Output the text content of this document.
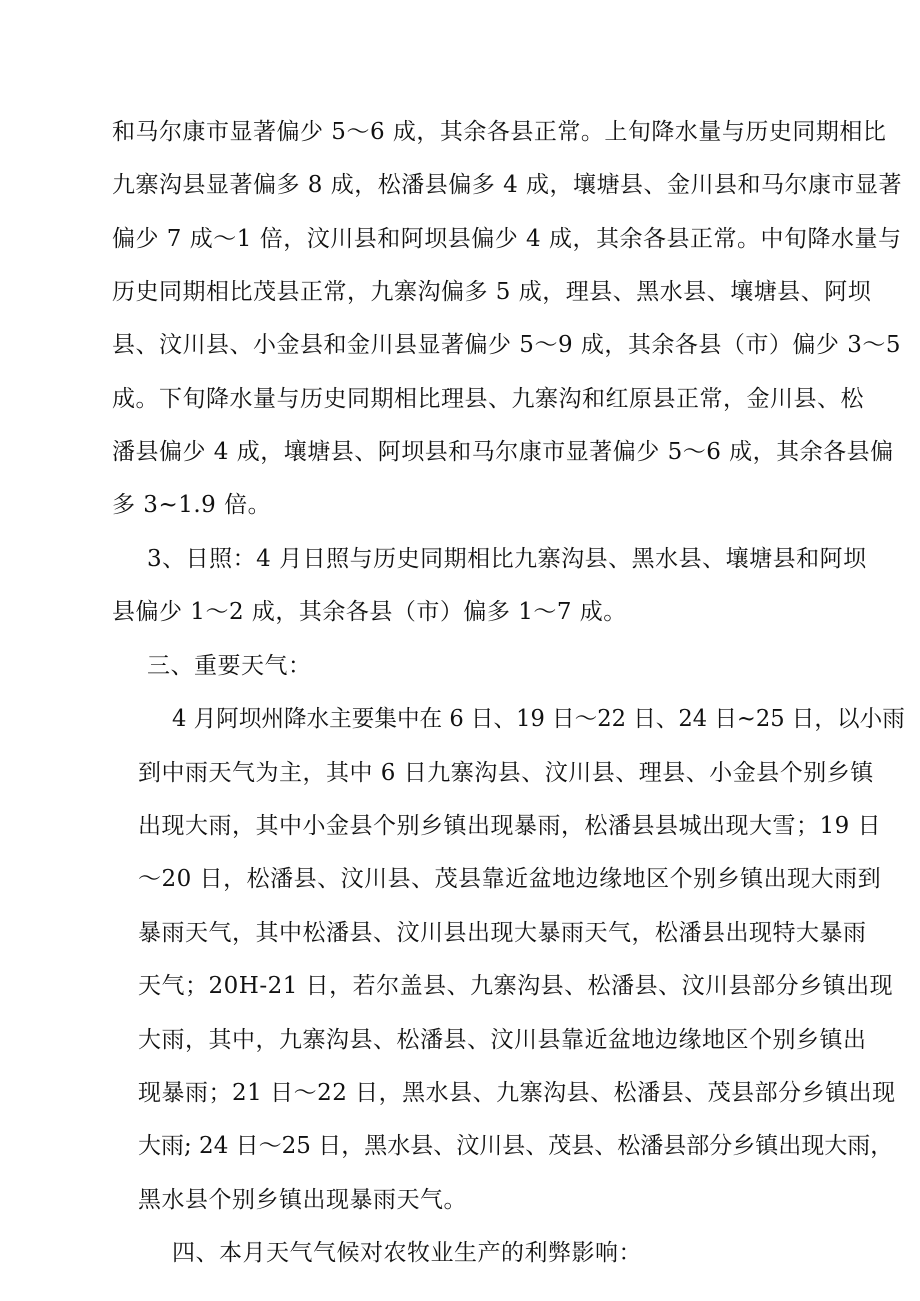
和马尔康市显著偏少 5～6 成，其余各县正常。上旬降水量与历史同期相比
九寨沟县显著偏多 8 成，松潘县偏多 4 成，壤塘县、金川县和马尔康市显著
偏少 7 成～1 倍，汶川县和阿坝县偏少 4 成，其余各县正常。中旬降水量与
历史同期相比茂县正常，九寨沟偏多 5 成，理县、黑水县、壤塘县、阿坝
县、汶川县、小金县和金川县显著偏少 5～9 成，其余各县（市）偏少 3～5
成。下旬降水量与历史同期相比理县、九寨沟和红原县正常，金川县、松
潘县偏少 4 成，壤塘县、阿坝县和马尔康市显著偏少 5～6 成，其余各县偏
多 3~1.9 倍。
3、日照：4 月日照与历史同期相比九寨沟县、黑水县、壤塘县和阿坝
县偏少 1～2 成，其余各县（市）偏多 1～7 成。
三、重要天气：
4 月阿坝州降水主要集中在 6 日、19 日～22 日、24 日~25 日，以小雨
到中雨天气为主，其中 6 日九寨沟县、汶川县、理县、小金县个别乡镇
出现大雨，其中小金县个别乡镇出现暴雨，松潘县县城出现大雪；19 日
～20 日，松潘县、汶川县、茂县靠近盆地边缘地区个别乡镇出现大雨到
暴雨天气，其中松潘县、汶川县出现大暴雨天气，松潘县出现特大暴雨
天气；20H-21 日，若尔盖县、九寨沟县、松潘县、汶川县部分乡镇出现
大雨，其中，九寨沟县、松潘县、汶川县靠近盆地边缘地区个别乡镇出
现暴雨；21 日～22 日，黑水县、九寨沟县、松潘县、茂县部分乡镇出现
大雨; 24 日～25 日，黑水县、汶川县、茂县、松潘县部分乡镇出现大雨，
黑水县个别乡镇出现暴雨天气。
四、本月天气气候对农牧业生产的利弊影响：
